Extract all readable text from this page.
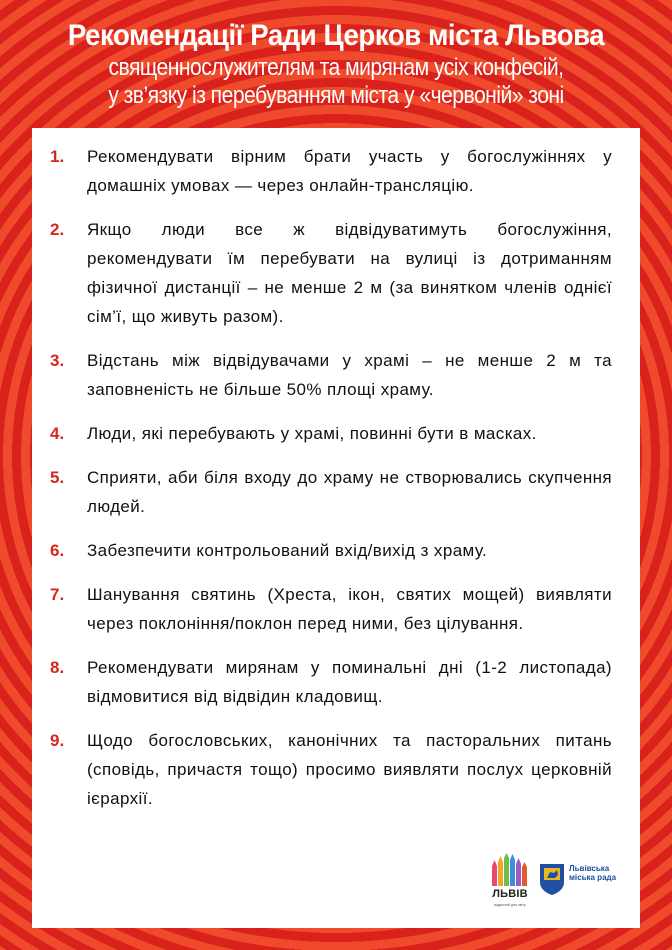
Рекомендації Ради Церков міста Львова
священнослужителям та мирянам усіх конфесій,
у зв’язку із перебуванням міста у «червоній» зоні
1.	Рекомендувати вірним брати участь у богослужіннях у домашніх умовах — через онлайн-трансляцію.
2.	Якщо люди все ж відвідуватимуть богослужіння, рекомендувати їм перебувати на вулиці із дотриманням фізичної дистанції – не менше 2 м (за винятком членів однієї сім’ї, що живуть разом).
3.	Відстань між відвідувачами у храмі – не менше 2 м та заповненість не більше 50% площі храму.
4.	Люди, які перебувають у храмі, повинні бути в масках.
5.	Сприяти, аби біля входу до храму не створювались скупчення людей.
6.	Забезпечити контрольований вхід/вихід з храму.
7.	Шанування святинь (Хреста, ікон, святих мощей) виявляти через поклоніння/поклон перед ними, без цілування.
8.	Рекомендувати мирянам у поминальні дні (1-2 листопада) відмовитися від відвідин кладовищ.
9.	Щодо богословських, канонічних та пасторальних питань (сповідь, причастя тощо) просимо виявляти послух церковній ієрархії.
ЛЬВІВ
відкритий для світу
Львівська міська рада
